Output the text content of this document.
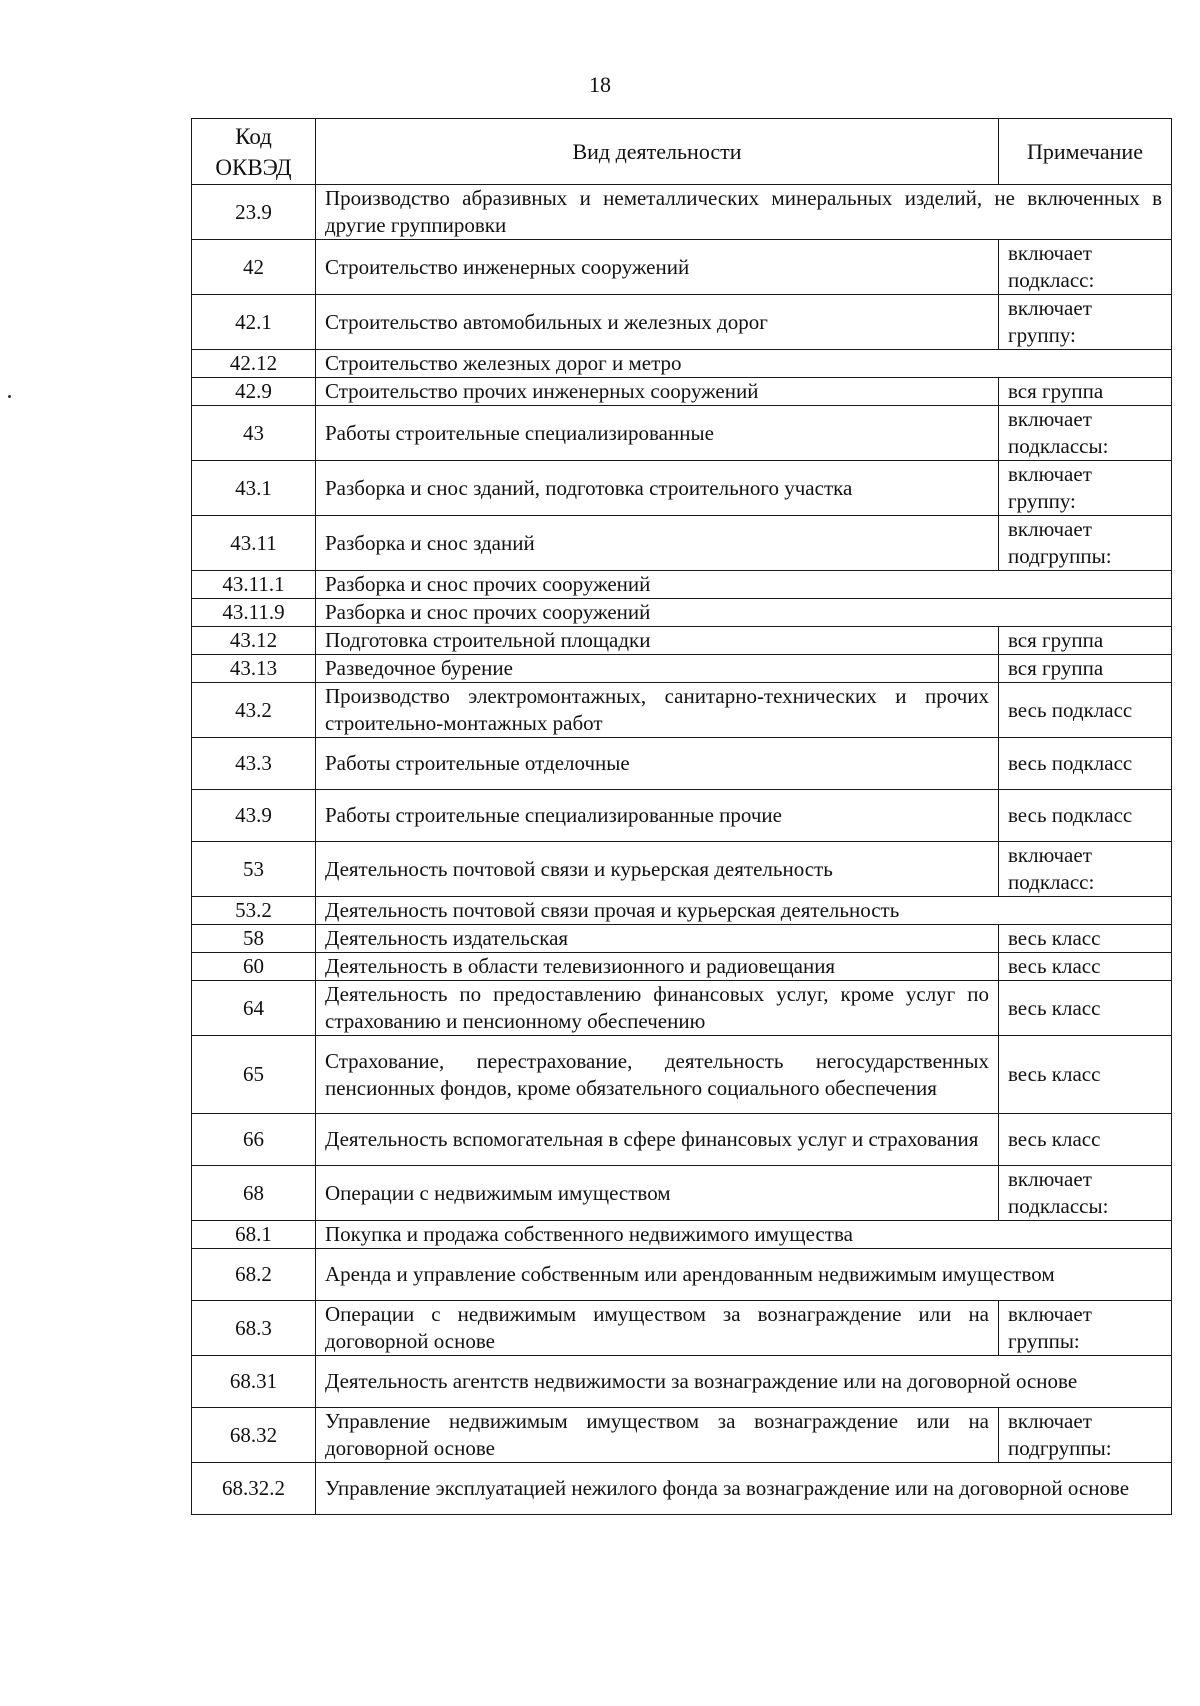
18
Код ОКВЭД	Вид деятельности	Примечание
23.9	Производство абразивных и неметаллических минеральных изделий, не включенных в другие группировки	
42	Строительство инженерных сооружений	включает подкласс:
42.1	Строительство автомобильных и железных дорог	включает группу:
42.12	Строительство железных дорог и метро	
42.9	Строительство прочих инженерных сооружений	вся группа
43	Работы строительные специализированные	включает подклассы:
43.1	Разборка и снос зданий, подготовка строительного участка	включает группу:
43.11	Разборка и снос зданий	включает подгруппы:
43.11.1	Разборка и снос прочих сооружений	
43.11.9	Разборка и снос прочих сооружений	
43.12	Подготовка строительной площадки	вся группа
43.13	Разведочное бурение	вся группа
43.2	Производство электромонтажных, санитарно-технических и прочих строительно-монтажных работ	весь подкласс
43.3	Работы строительные отделочные	весь подкласс
43.9	Работы строительные специализированные прочие	весь подкласс
53	Деятельность почтовой связи и курьерская деятельность	включает подкласс:
53.2	Деятельность почтовой связи прочая и курьерская деятельность	
58	Деятельность издательская	весь класс
60	Деятельность в области телевизионного и радиовещания	весь класс
64	Деятельность по предоставлению финансовых услуг, кроме услуг по страхованию и пенсионному обеспечению	весь класс
65	Страхование, перестрахование, деятельность негосударственных пенсионных фондов, кроме обязательного социального обеспечения	весь класс
66	Деятельность вспомогательная в сфере финансовых услуг и страхования	весь класс
68	Операции с недвижимым имуществом	включает подклассы:
68.1	Покупка и продажа собственного недвижимого имущества	
68.2	Аренда и управление собственным или арендованным недвижимым имуществом	
68.3	Операции с недвижимым имуществом за вознаграждение или на договорной основе	включает группы:
68.31	Деятельность агентств недвижимости за вознаграждение или на договорной основе	
68.32	Управление недвижимым имуществом за вознаграждение или на договорной основе	включает подгруппы:
68.32.2	Управление эксплуатацией нежилого фонда за вознаграждение или на договорной основе	
